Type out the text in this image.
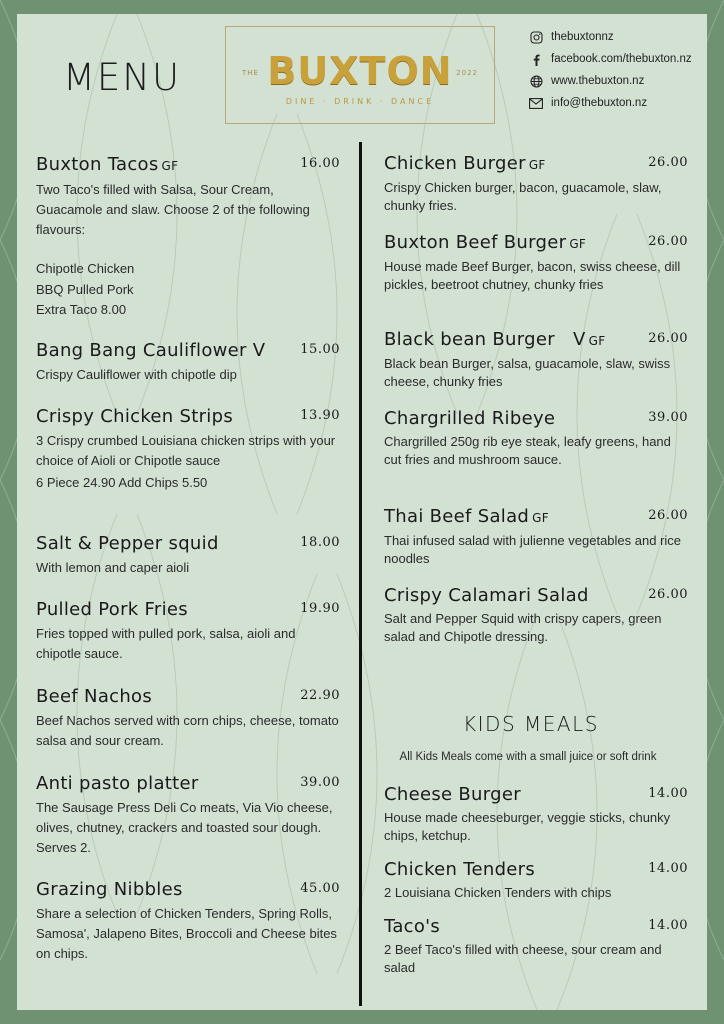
MENU	THE BUXTON 2022
DINE · DRINK · DANCE
thebuxtonnz
facebook.com/thebuxton.nz
www.thebuxton.nz
info@thebuxton.nz
Buxton Tacos GF	16.00
Two Taco's filled with Salsa, Sour Cream, Guacamole and slaw. Choose 2 of the following flavours:
Chipotle Chicken
BBQ Pulled Pork
Extra Taco 8.00
Bang Bang Cauliflower V	15.00
Crispy Cauliflower with chipotle dip
Crispy Chicken Strips	13.90
3 Crispy crumbed Louisiana chicken strips with your choice of Aioli or Chipotle sauce
6 Piece 24.90 Add Chips 5.50
Salt & Pepper squid	18.00
With lemon and caper aioli
Pulled Pork Fries	19.90
Fries topped with pulled pork, salsa, aioli and chipotle sauce.
Beef Nachos	22.90
Beef Nachos served with corn chips, cheese, tomato salsa and sour cream.
Anti pasto platter	39.00
The Sausage Press Deli Co meats, Via Vio cheese, olives, chutney, crackers and toasted sour dough. Serves 2.
Grazing Nibbles	45.00
Share a selection of Chicken Tenders, Spring Rolls, Samosa', Jalapeno Bites, Broccoli and Cheese bites on chips.
Chicken Burger GF	26.00
Crispy Chicken burger, bacon, guacamole, slaw, chunky fries.
Buxton Beef Burger GF	26.00
House made Beef Burger, bacon, swiss cheese, dill pickles, beetroot chutney, chunky fries
Black bean Burger   V GF	26.00
Black bean Burger, salsa, guacamole, slaw, swiss cheese, chunky fries
Chargrilled Ribeye	39.00
Chargrilled 250g rib eye steak, leafy greens, hand cut fries and mushroom sauce.
Thai Beef Salad GF	26.00
Thai infused salad with julienne vegetables and rice noodles
Crispy Calamari Salad	26.00
Salt and Pepper Squid with crispy capers, green salad and Chipotle dressing.
KIDS MEALS
All Kids Meals come with a small juice or soft drink
Cheese Burger	14.00
House made cheeseburger, veggie sticks, chunky chips, ketchup.
Chicken Tenders	14.00
2 Louisiana Chicken Tenders with chips
Taco's	14.00
2 Beef Taco's filled with cheese, sour cream and salad
